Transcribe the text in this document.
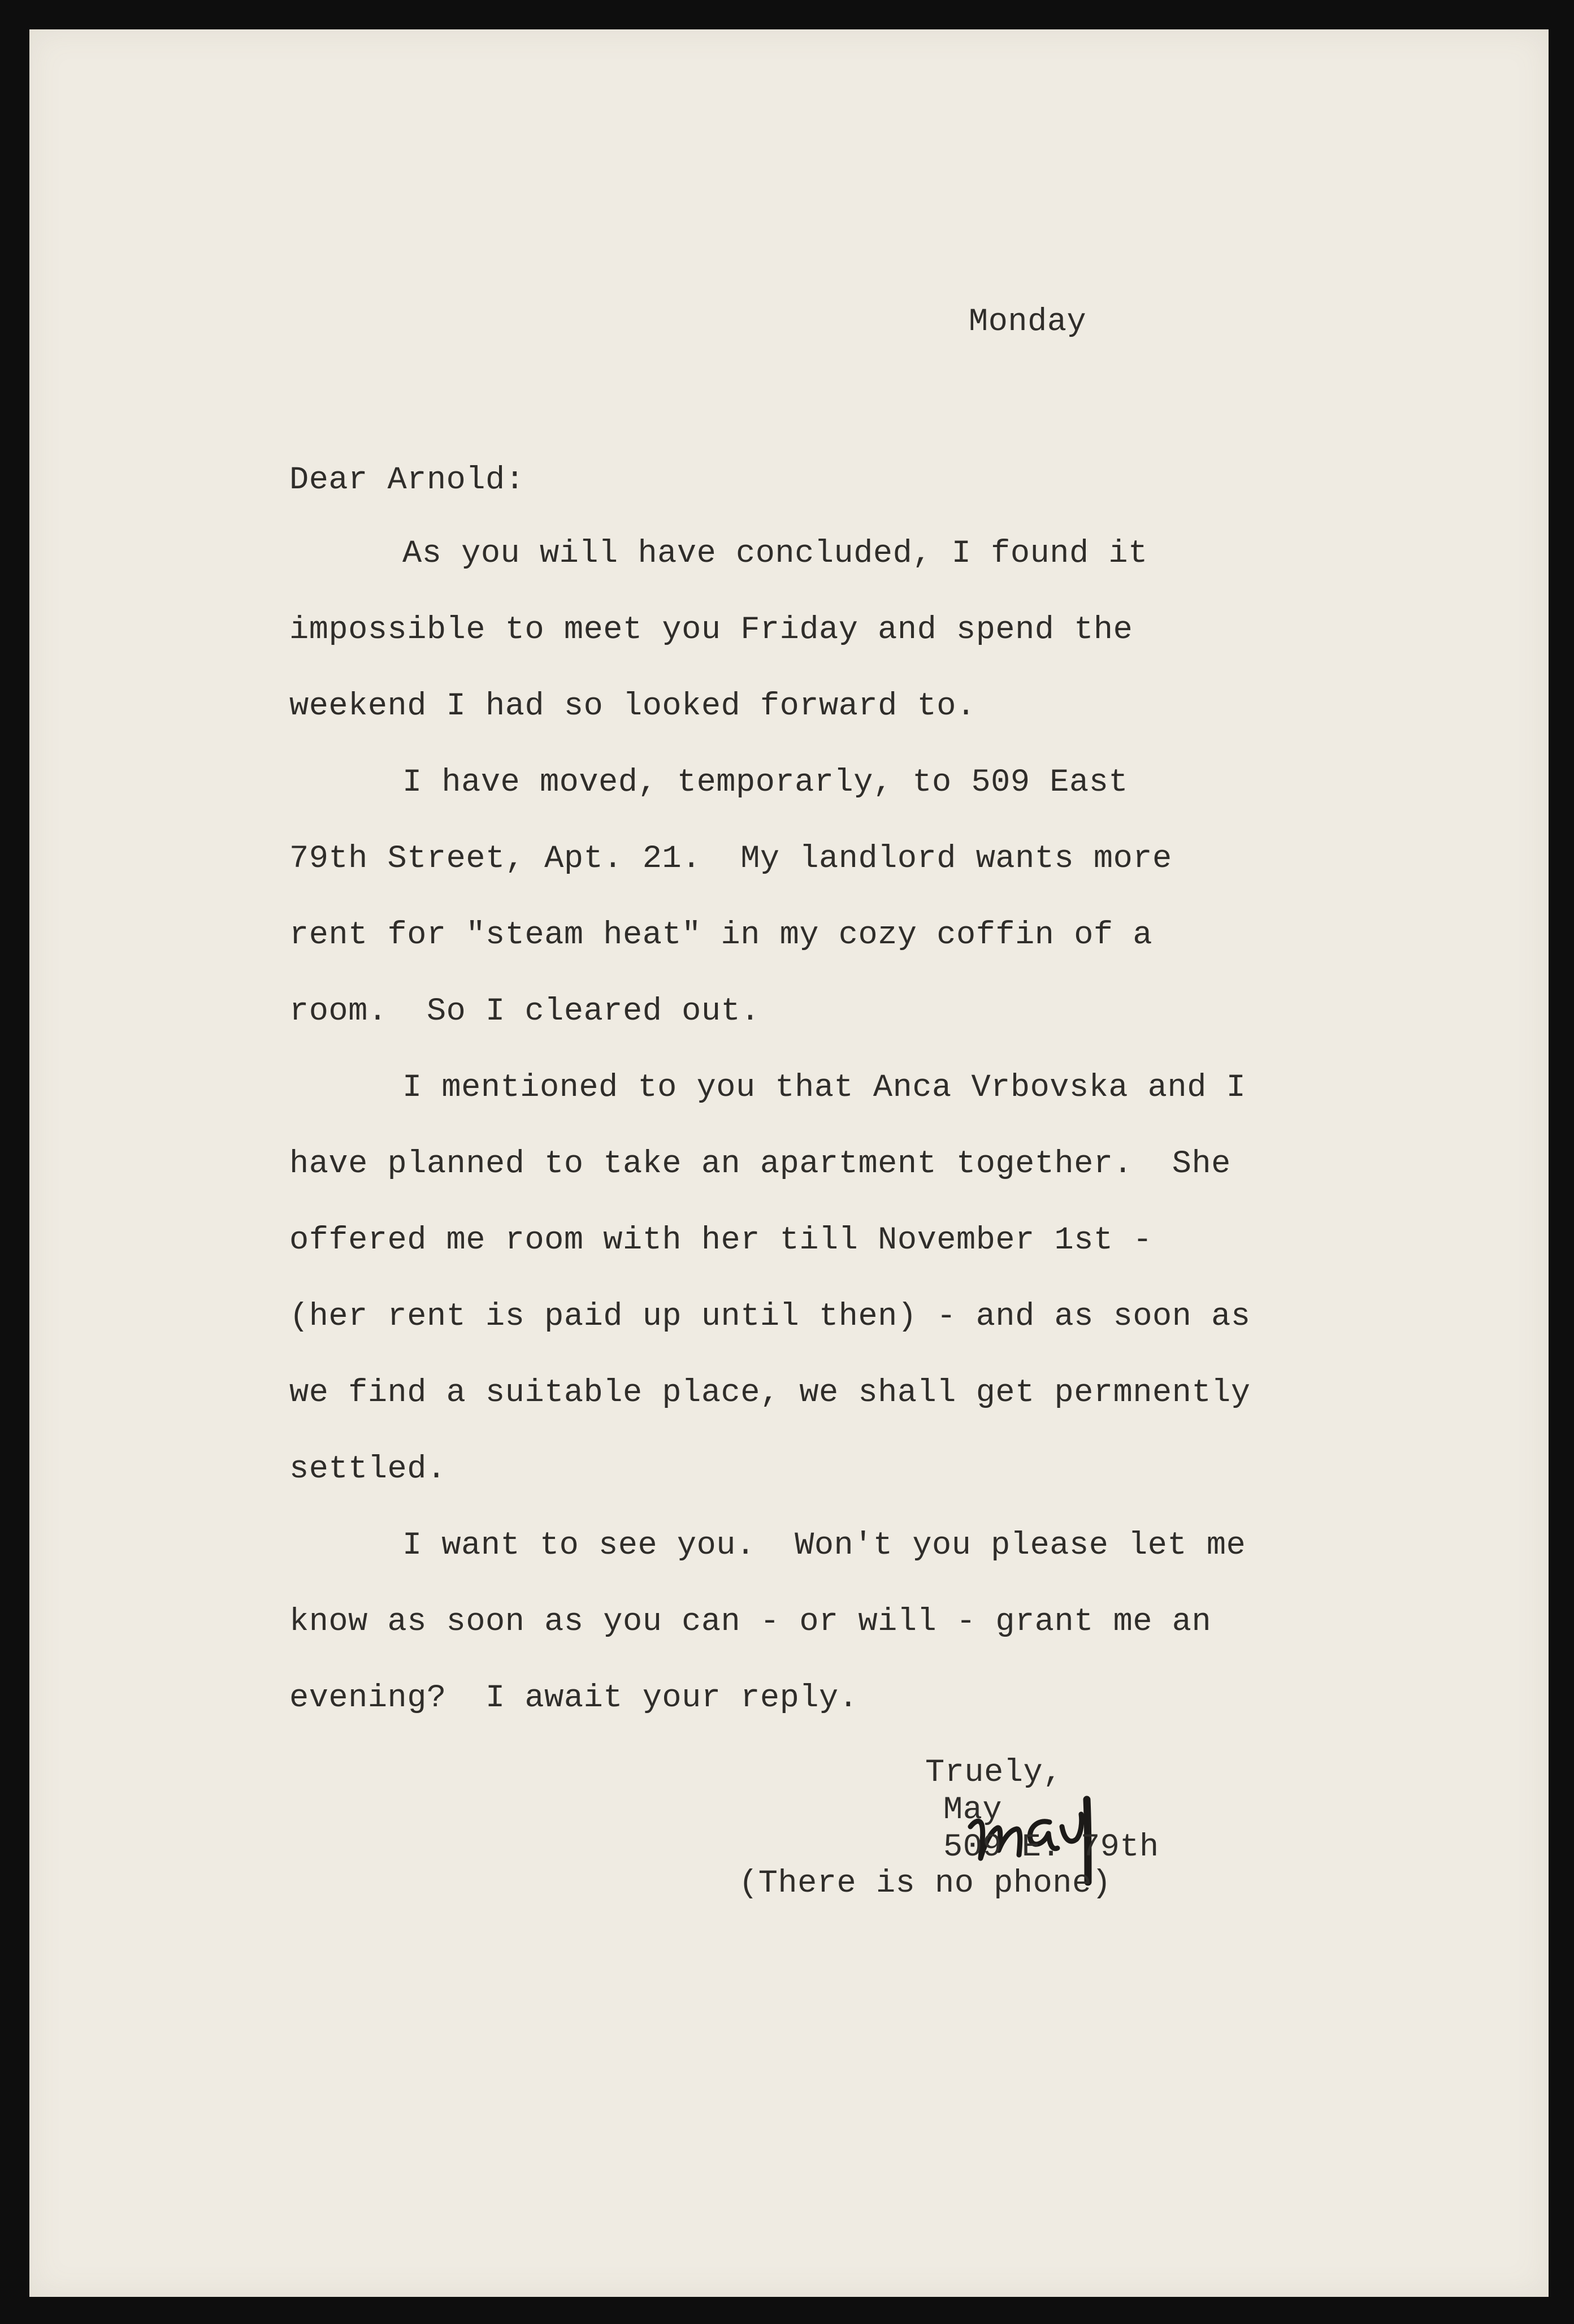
Monday

Dear Arnold:

As you will have concluded, I found it

impossible to meet you Friday and spend the

weekend I had so looked forward to.

I have moved, temporarly, to 509 East

79th Street, Apt. 21.  My landlord wants more

rent for "steam heat" in my cozy coffin of a

room.  So I cleared out.

I mentioned to you that Anca Vrbovska and I

have planned to take an apartment together.  She

offered me room with her till November 1st -

(her rent is paid up until then) - and as soon as

we find a suitable place, we shall get permnently

settled.

I want to see you.  Won't you please let me

know as soon as you can - or will - grant me an

evening?  I await your reply.

Truely,

May

509 E. 79th

(There is no phone)
